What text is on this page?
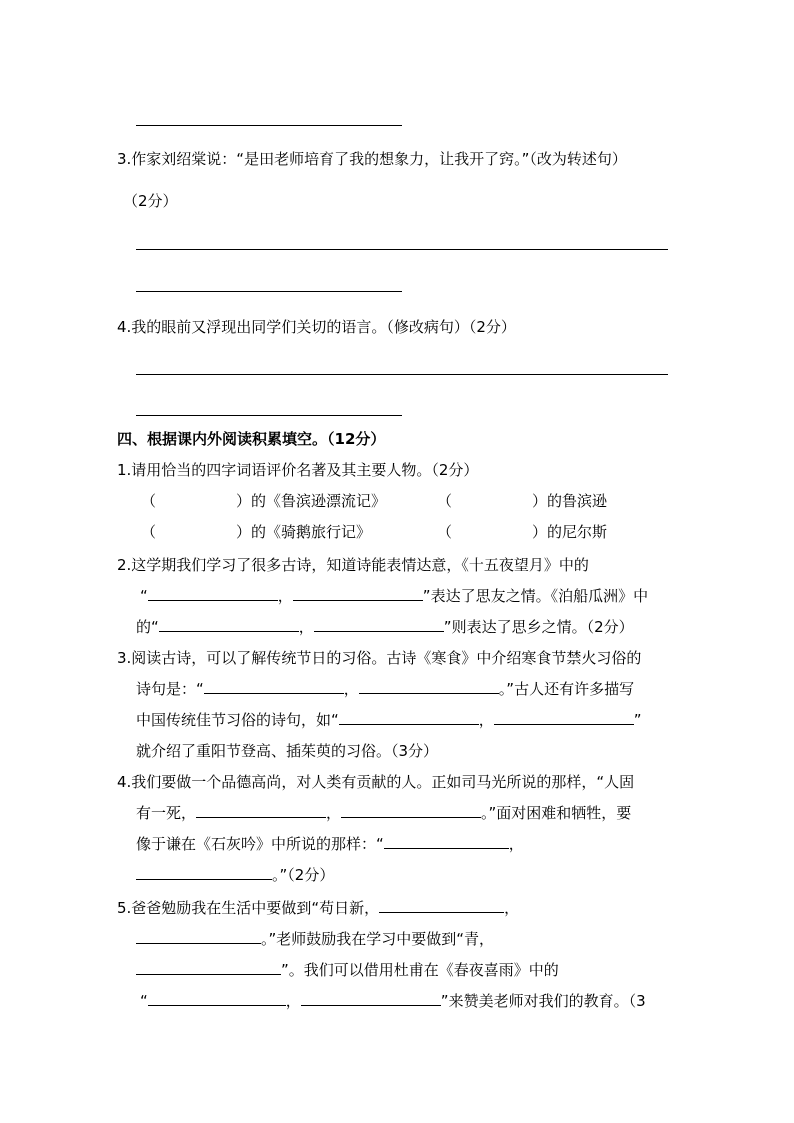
3.作家刘绍棠说：“是田老师培育了我的想象力，让我开了窍。”（改为转述句）
（2分）
4.我的眼前又浮现出同学们关切的语言。（修改病句）（2分）
四、根据课内外阅读积累填空。（12分）
1.请用恰当的四字词语评价名著及其主要人物。（2分）
（	）的《鲁滨逊漂流记》	（	）的鲁滨逊
（	）的《骑鹅旅行记》	（	）的尼尔斯
2.这学期我们学习了很多古诗，知道诗能表情达意，《十五夜望月》中的
“	，	”表达了思友之情。《泊船瓜洲》中
的“	，	”则表达了思乡之情。（2分）
3.阅读古诗，可以了解传统节日的习俗。古诗《寒食》中介绍寒食节禁火习俗的
诗句是：“	，	。”古人还有许多描写
中国传统佳节习俗的诗句，如“	，	”
就介绍了重阳节登高、插茱萸的习俗。（3分）
4.我们要做一个品德高尚，对人类有贡献的人。正如司马光所说的那样，“人固
有一死，	，	。”面对困难和牺牲，要
像于谦在《石灰吟》中所说的那样：“	，
。”（2分）
5.爸爸勉励我在生活中要做到“苟日新，	，
。”老师鼓励我在学习中要做到“青，
”。我们可以借用杜甫在《春夜喜雨》中的
“	，	”来赞美老师对我们的教育。（3
